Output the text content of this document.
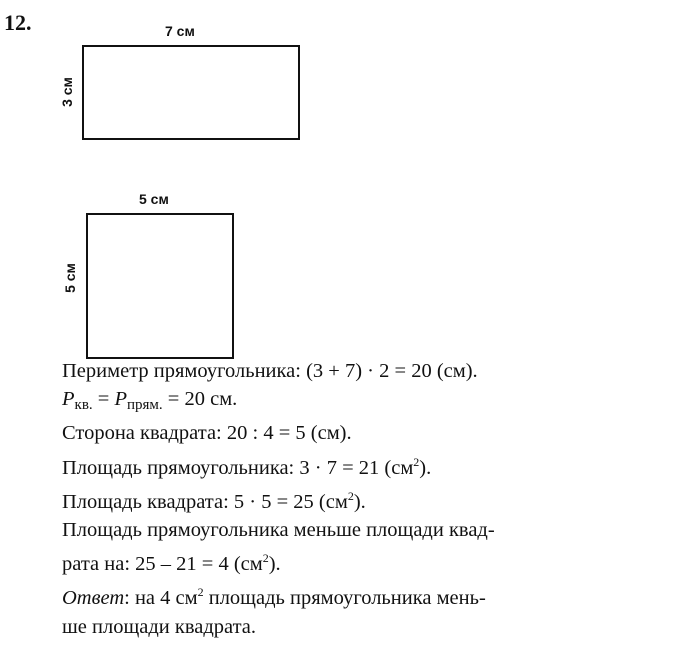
12.	7 см
3 см
5 см
5 см
Периметр прямоугольника: (3 + 7) · 2 = 20 (см).
$P_{кв.} = P_{прям.} = 20$ см.
Сторона квадрата: 20 : 4 = 5 (см).
Площадь прямоугольника: 3 · 7 = 21 $(см^2)$.
Площадь квадрата: 5 · 5 = 25 $(см^2)$.
Площадь прямоугольника меньше площади квад-
рата на: 25 – 21 = 4 $(см^2)$.
Ответ: на 4 $см^2$ площадь прямоугольника мень-
ше площади квадрата.
